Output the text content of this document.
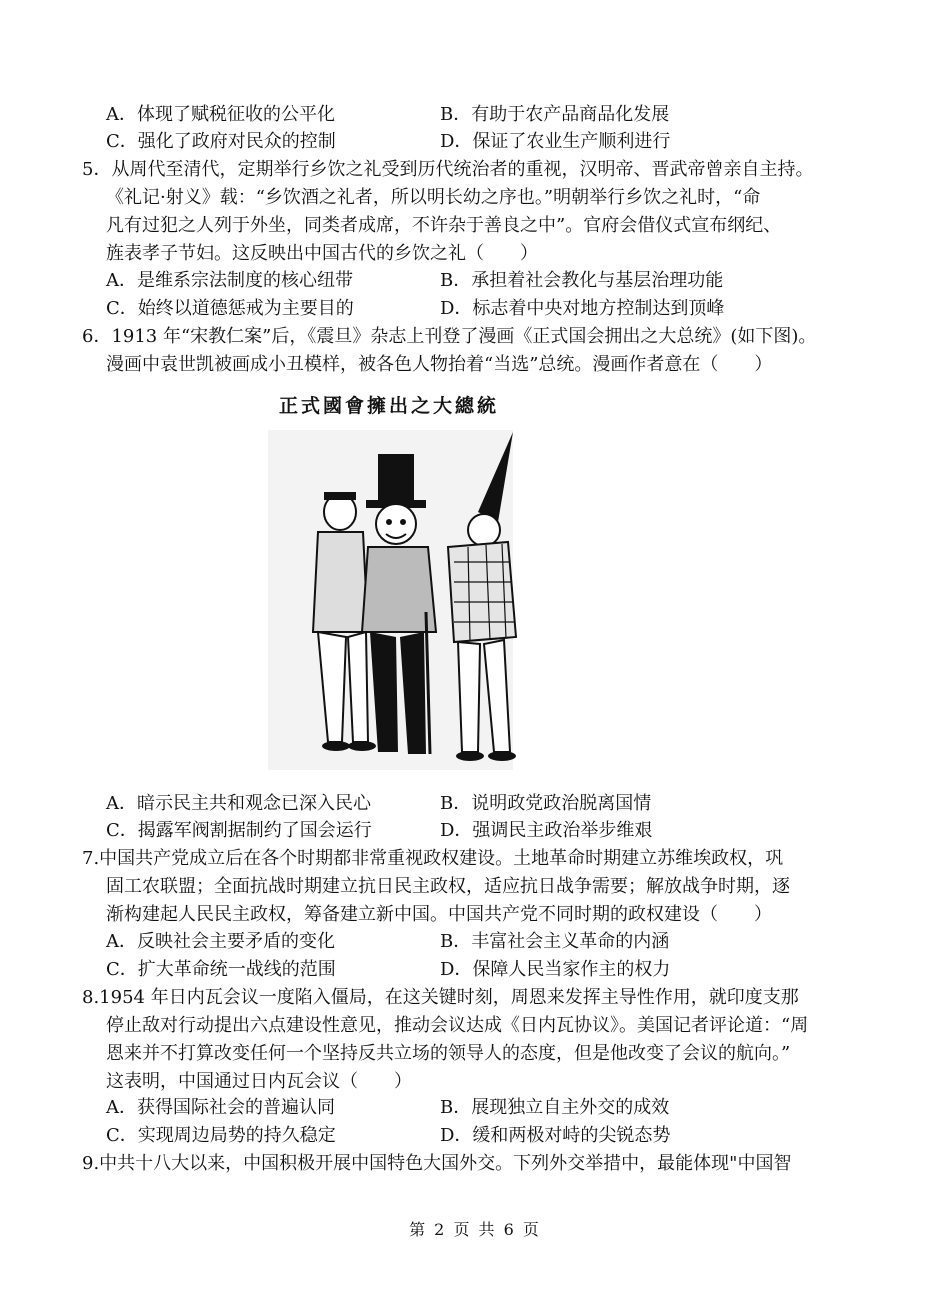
A．体现了赋税征收的公平化	B．有助于农产品商品化发展
C．强化了政府对民众的控制	D．保证了农业生产顺利进行
5．从周代至清代，定期举行乡饮之礼受到历代统治者的重视，汉明帝、晋武帝曾亲自主持。
《礼记·射义》载：“乡饮酒之礼者，所以明长幼之序也。”明朝举行乡饮之礼时，“命
凡有过犯之人列于外坐，同类者成席，不许杂于善良之中”。官府会借仪式宣布纲纪、
旌表孝子节妇。这反映出中国古代的乡饮之礼（　　）
A．是维系宗法制度的核心纽带	B．承担着社会教化与基层治理功能
C．始终以道德惩戒为主要目的	D．标志着中央对地方控制达到顶峰
6．1913 年“宋教仁案”后，《震旦》杂志上刊登了漫画《正式国会拥出之大总统》(如下图)。
漫画中袁世凯被画成小丑模样，被各色人物抬着“当选”总统。漫画作者意在（　　）
正式國會擁出之大總統
A．暗示民主共和观念已深入民心	B．说明政党政治脱离国情
C．揭露军阀割据制约了国会运行	D．强调民主政治举步维艰
7.中国共产党成立后在各个时期都非常重视政权建设。土地革命时期建立苏维埃政权，巩
固工农联盟；全面抗战时期建立抗日民主政权，适应抗日战争需要；解放战争时期，逐
渐构建起人民民主政权，筹备建立新中国。中国共产党不同时期的政权建设（　　）
A．反映社会主要矛盾的变化	B．丰富社会主义革命的内涵
C．扩大革命统一战线的范围	D．保障人民当家作主的权力
8.1954 年日内瓦会议一度陷入僵局，在这关键时刻，周恩来发挥主导性作用，就印度支那
停止敌对行动提出六点建设性意见，推动会议达成《日内瓦协议》。美国记者评论道：“周
恩来并不打算改变任何一个坚持反共立场的领导人的态度，但是他改变了会议的航向。”
这表明，中国通过日内瓦会议（　　）
A．获得国际社会的普遍认同	B．展现独立自主外交的成效
C．实现周边局势的持久稳定	D．缓和两极对峙的尖锐态势
9.中共十八大以来，中国积极开展中国特色大国外交。下列外交举措中，最能体现"中国智
第 2 页 共 6 页
